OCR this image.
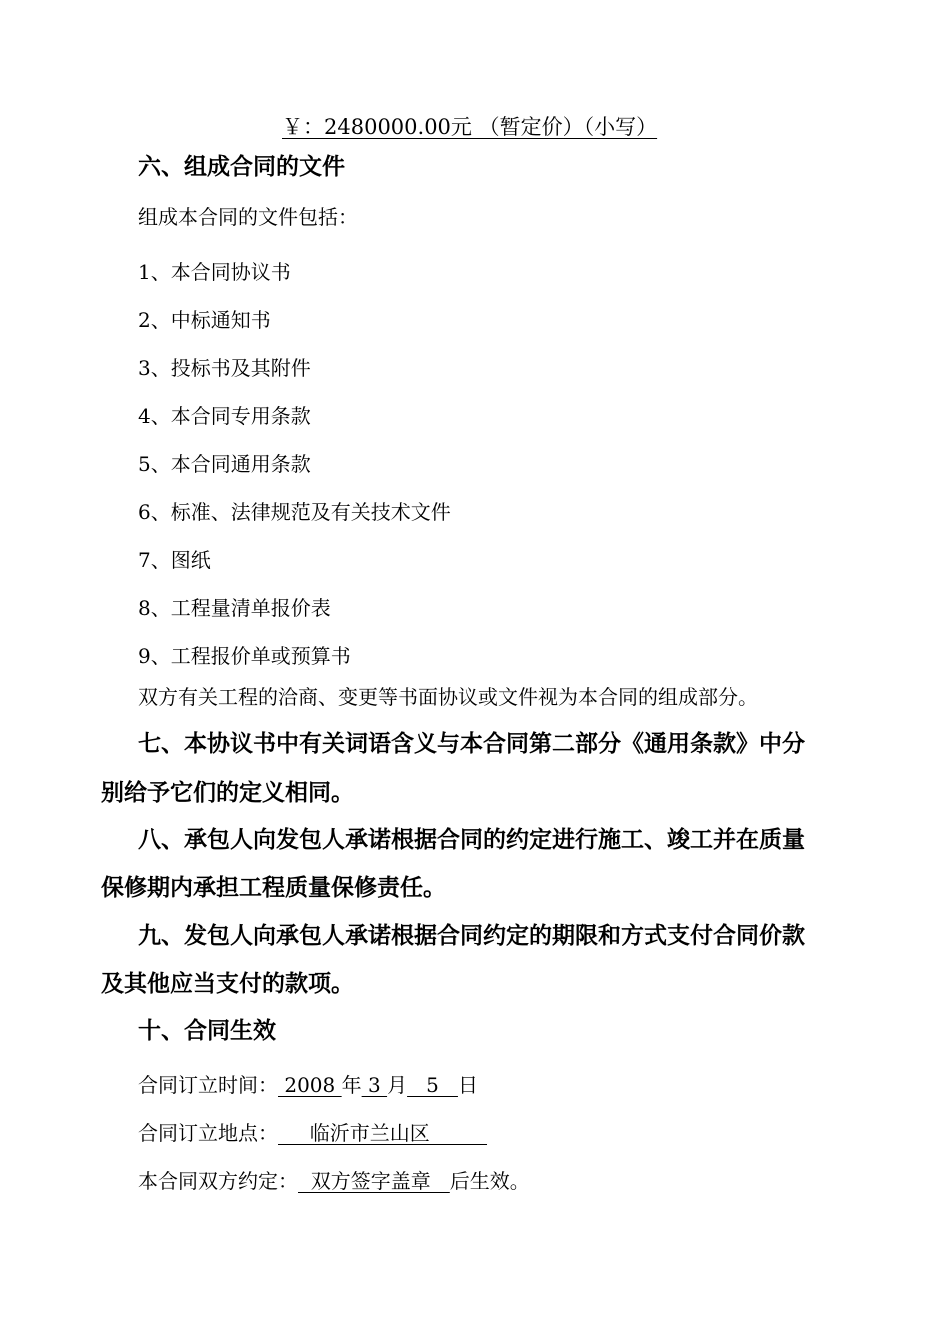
￥：2480000.00元 （暂定价）（小写）
六、组成合同的文件
组成本合同的文件包括：
1、本合同协议书
2、中标通知书
3、投标书及其附件
4、本合同专用条款
5、本合同通用条款
6、标准、法律规范及有关技术文件
7、图纸
8、工程量清单报价表
9、工程报价单或预算书
双方有关工程的洽商、变更等书面协议或文件视为本合同的组成部分。
七、本协议书中有关词语含义与本合同第二部分《通用条款》中分
别给予它们的定义相同。
八、承包人向发包人承诺根据合同的约定进行施工、竣工并在质量
保修期内承担工程质量保修责任。
九、发包人向承包人承诺根据合同约定的期限和方式支付合同价款
及其他应当支付的款项。
十、合同生效
合同订立时间： 2008 年 3 月   5   日
合同订立地点：     临沂市兰山区
本合同双方约定：  双方签字盖章   后生效。
